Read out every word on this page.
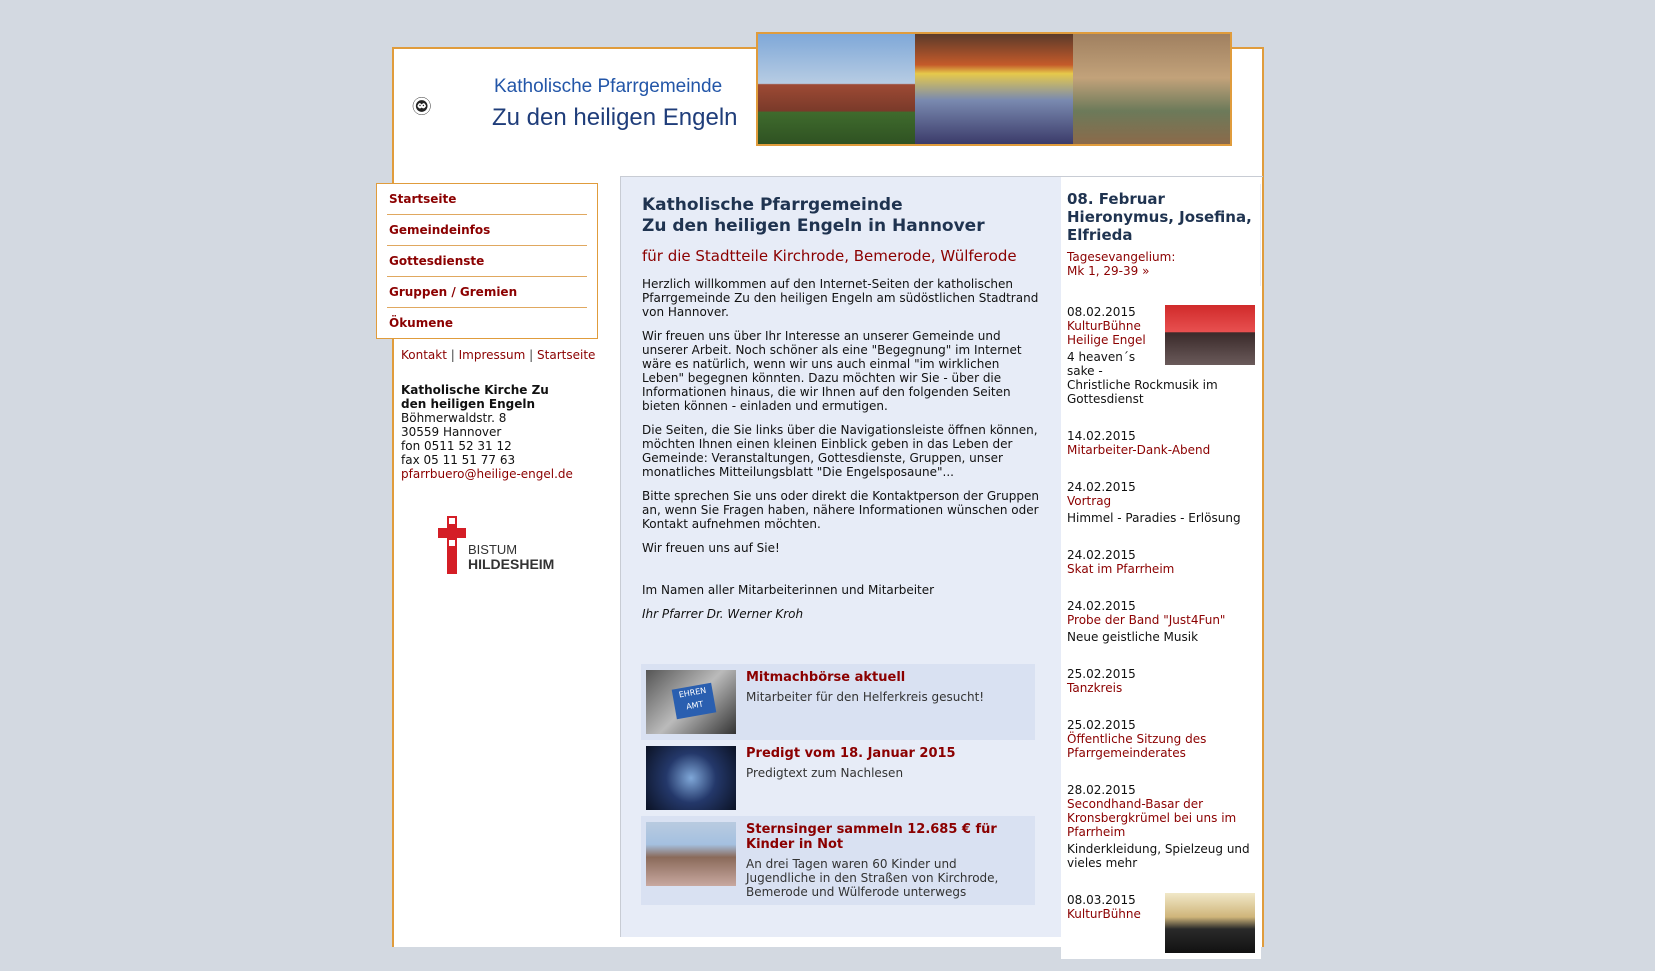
Katholische Pfarrgemeinde
Zu den heiligen Engeln
Startseite
Gemeindeinfos
Gottesdienste
Gruppen / Gremien
Ökumene
Kontakt | Impressum | Startseite
Katholische Kirche Zu den heiligen Engeln
Böhmerwaldstr. 8
30559 Hannover
fon 0511 52 31 12
fax 05 11 51 77 63
pfarrbuero@heilige-engel.de
BISTUM
HILDESHEIM
Katholische Pfarrgemeinde
Zu den heiligen Engeln in Hannover
für die Stadtteile Kirchrode, Bemerode, Wülferode

Herzlich willkommen auf den Internet-Seiten der katholischen Pfarrgemeinde Zu den heiligen Engeln am südöstlichen Stadtrand von Hannover.

Wir freuen uns über Ihr Interesse an unserer Gemeinde und unserer Arbeit. Noch schöner als eine "Begegnung" im Internet wäre es natürlich, wenn wir uns auch einmal "im wirklichen Leben" begegnen könnten. Dazu möchten wir Sie - über die Informationen hinaus, die wir Ihnen auf den folgenden Seiten bieten können - einladen und ermutigen.

Die Seiten, die Sie links über die Navigationsleiste öffnen können, möchten Ihnen einen kleinen Einblick geben in das Leben der Gemeinde: Veranstaltungen, Gottesdienste, Gruppen, unser monatliches Mitteilungsblatt "Die Engelsposaune"...

Bitte sprechen Sie uns oder direkt die Kontaktperson der Gruppen an, wenn Sie Fragen haben, nähere Informationen wünschen oder Kontakt aufnehmen möchten.

Wir freuen uns auf Sie!

Im Namen aller Mitarbeiterinnen und Mitarbeiter

Ihr Pfarrer Dr. Werner Kroh

EHREN AMT
Mitmachbörse aktuell
Mitarbeiter für den Helferkreis gesucht!
Predigt vom 18. Januar 2015
Predigtext zum Nachlesen
Sternsinger sammeln 12.685 € für Kinder in Not
An drei Tagen waren 60 Kinder und Jugendliche in den Straßen von Kirchrode, Bemerode und Wülferode unterwegs
08. Februar
Hieronymus, Josefina, Elfrieda
Tagesevangelium:
Mk 1, 29-39 »
08.02.2015
KulturBühne Heilige Engel
4 heaven´s sake - Christliche Rockmusik im Gottesdienst
14.02.2015
Mitarbeiter-Dank-Abend
24.02.2015
Vortrag
Himmel - Paradies - Erlösung
24.02.2015
Skat im Pfarrheim
24.02.2015
Probe der Band "Just4Fun"
Neue geistliche Musik
25.02.2015
Tanzkreis
25.02.2015
Öffentliche Sitzung des Pfarrgemeinderates
28.02.2015
Secondhand-Basar der Kronsbergkrümel bei uns im Pfarrheim
Kinderkleidung, Spielzeug und vieles mehr
08.03.2015
KulturBühne
